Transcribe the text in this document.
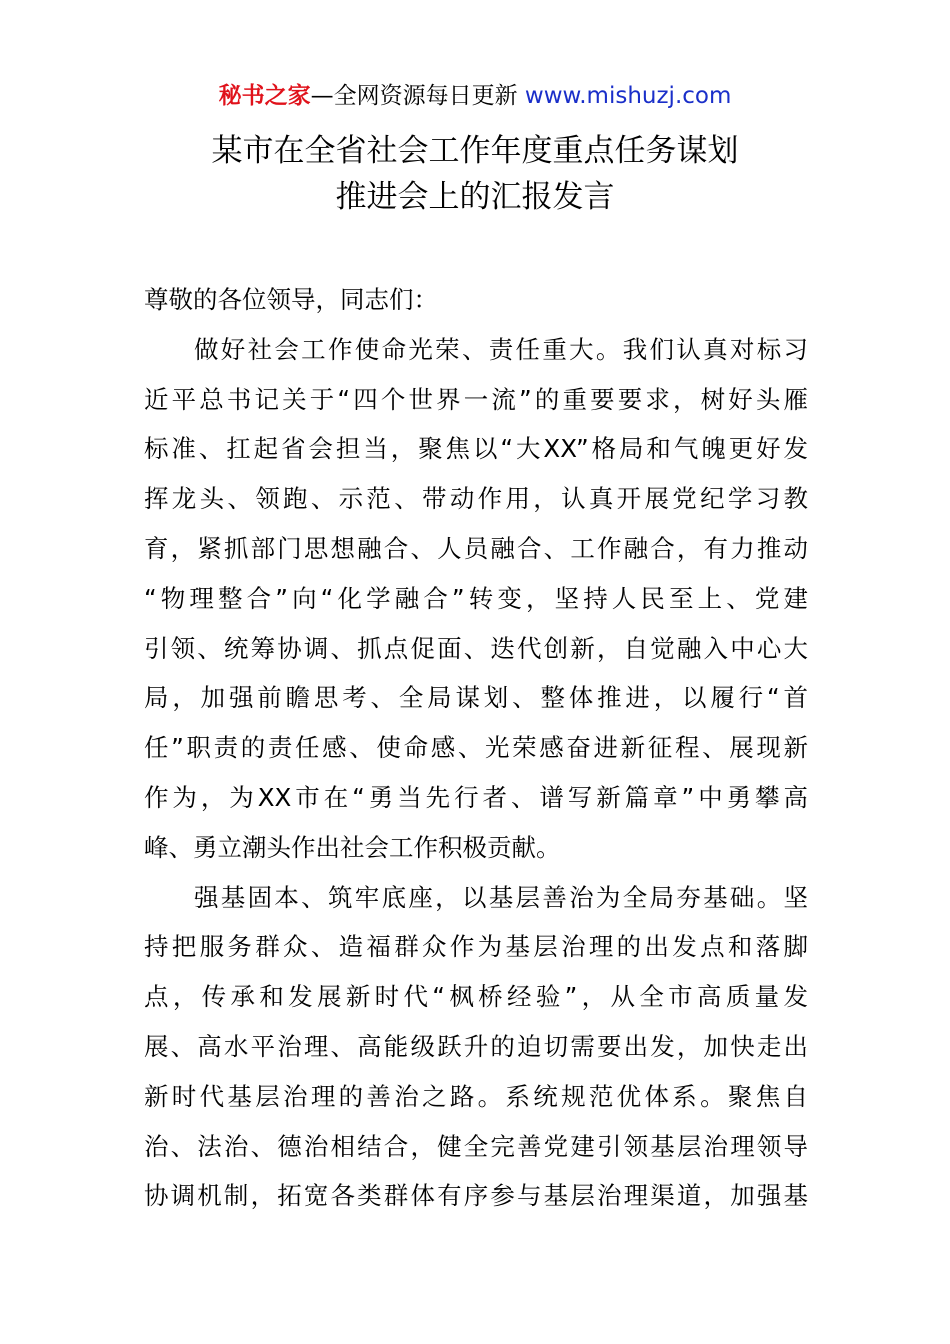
秘书之家—全网资源每日更新 www.mishuzj.com
某市在全省社会工作年度重点任务谋划
推进会上的汇报发言
尊敬的各位领导，同志们：
做好社会工作使命光荣、责任重大。我们认真对标习
近平总书记关于“四个世界一流”的重要要求，树好头雁
标准、扛起省会担当，聚焦以“大XX”格局和气魄更好发
挥龙头、领跑、示范、带动作用，认真开展党纪学习教
育，紧抓部门思想融合、人员融合、工作融合，有力推动
“物理整合”向“化学融合”转变，坚持人民至上、党建
引领、统筹协调、抓点促面、迭代创新，自觉融入中心大
局，加强前瞻思考、全局谋划、整体推进，以履行“首
任”职责的责任感、使命感、光荣感奋进新征程、展现新
作为，为XX市在“勇当先行者、谱写新篇章”中勇攀高
峰、勇立潮头作出社会工作积极贡献。
强基固本、筑牢底座，以基层善治为全局夯基础。坚
持把服务群众、造福群众作为基层治理的出发点和落脚
点，传承和发展新时代“枫桥经验”，从全市高质量发
展、高水平治理、高能级跃升的迫切需要出发，加快走出
新时代基层治理的善治之路。系统规范优体系。聚焦自
治、法治、德治相结合，健全完善党建引领基层治理领导
协调机制，拓宽各类群体有序参与基层治理渠道，加强基
